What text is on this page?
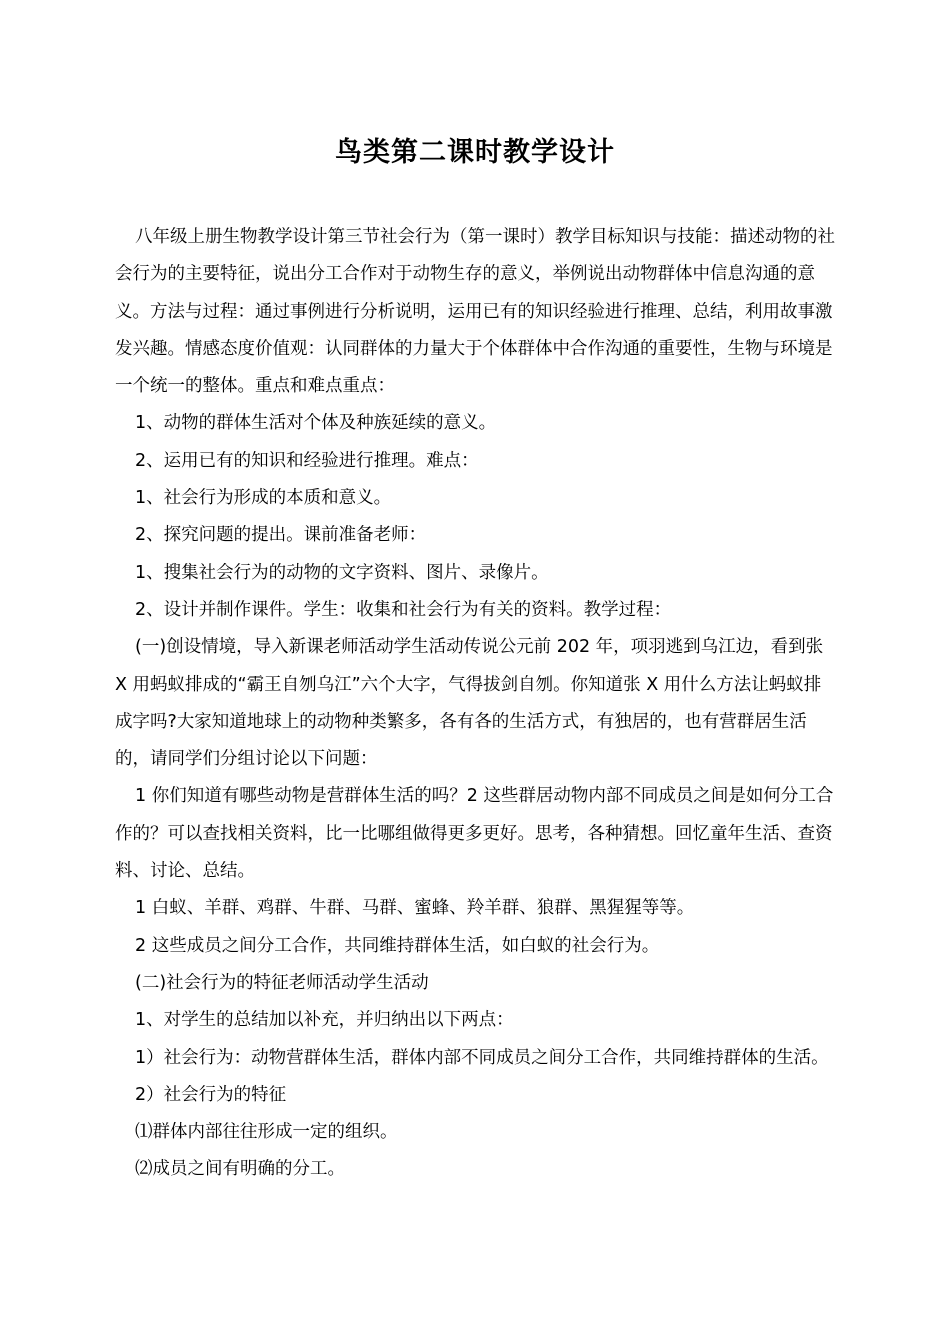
鸟类第二课时教学设计

八年级上册生物教学设计第三节社会行为（第一课时）教学目标知识与技能：描述动物的社会行为的主要特征，说出分工合作对于动物生存的意义，举例说出动物群体中信息沟通的意义。方法与过程：通过事例进行分析说明，运用已有的知识经验进行推理、总结，利用故事激发兴趣。情感态度价值观：认同群体的力量大于个体群体中合作沟通的重要性，生物与环境是一个统一的整体。重点和难点重点：

1、动物的群体生活对个体及种族延续的意义。

2、运用已有的知识和经验进行推理。难点：

1、社会行为形成的本质和意义。

2、探究问题的提出。课前准备老师：

1、搜集社会行为的动物的文字资料、图片、录像片。

2、设计并制作课件。学生：收集和社会行为有关的资料。教学过程：

(一)创设情境，导入新课老师活动学生活动传说公元前 202 年，项羽逃到乌江边，看到张 X 用蚂蚁排成的“霸王自刎乌江”六个大字，气得拔剑自刎。你知道张 X 用什么方法让蚂蚁排成字吗?大家知道地球上的动物种类繁多，各有各的生活方式，有独居的，也有营群居生活的，请同学们分组讨论以下问题：

1 你们知道有哪些动物是营群体生活的吗？2 这些群居动物内部不同成员之间是如何分工合作的？可以查找相关资料，比一比哪组做得更多更好。思考，各种猜想。回忆童年生活、查资料、讨论、总结。

1 白蚁、羊群、鸡群、牛群、马群、蜜蜂、羚羊群、狼群、黑猩猩等等。

2 这些成员之间分工合作，共同维持群体生活，如白蚁的社会行为。

(二)社会行为的特征老师活动学生活动

1、对学生的总结加以补充，并归纳出以下两点：

1）社会行为：动物营群体生活，群体内部不同成员之间分工合作，共同维持群体的生活。

2）社会行为的特征

⑴群体内部往往形成一定的组织。

⑵成员之间有明确的分工。
